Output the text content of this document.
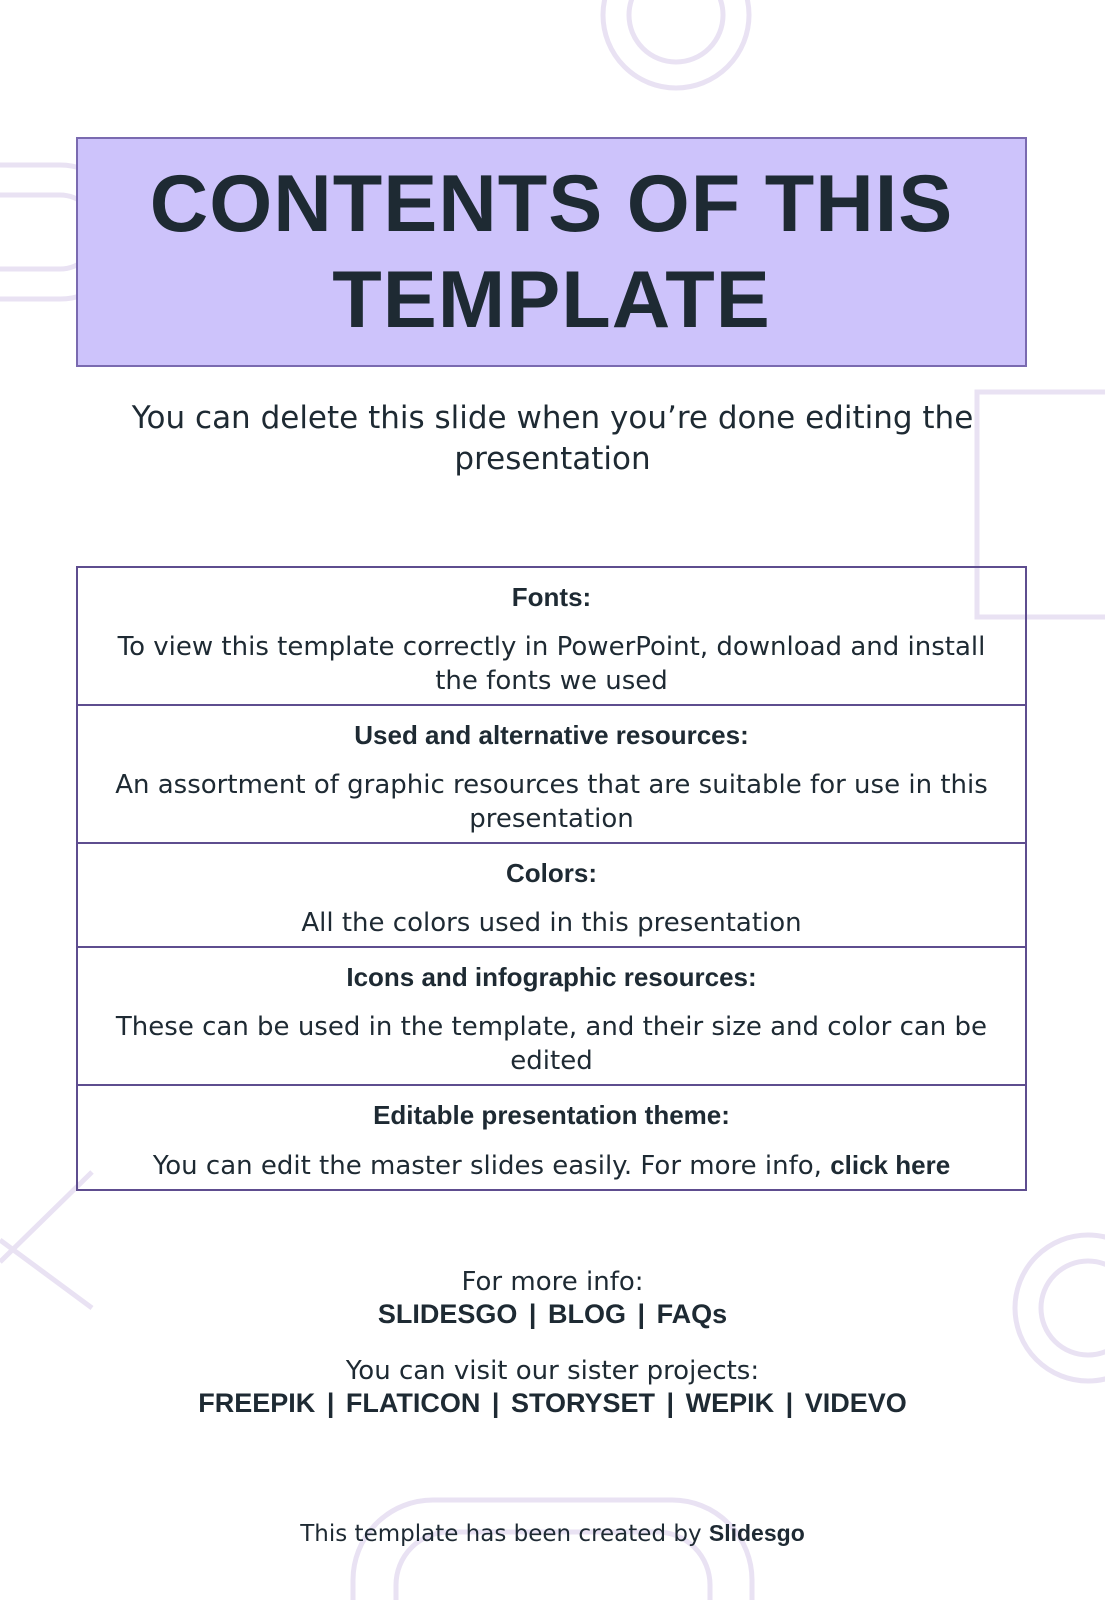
CONTENTS OF THIS TEMPLATE
You can delete this slide when you’re done editing the presentation
Fonts:
To view this template correctly in PowerPoint, download and install the fonts we used
Used and alternative resources:
An assortment of graphic resources that are suitable for use in this presentation
Colors:
All the colors used in this presentation
Icons and infographic resources:
These can be used in the template, and their size and color can be edited
Editable presentation theme:
You can edit the master slides easily. For more info, click here
For more info:
SLIDESGO | BLOG | FAQs
You can visit our sister projects:
FREEPIK | FLATICON | STORYSET | WEPIK | VIDEVO
This template has been created by Slidesgo
